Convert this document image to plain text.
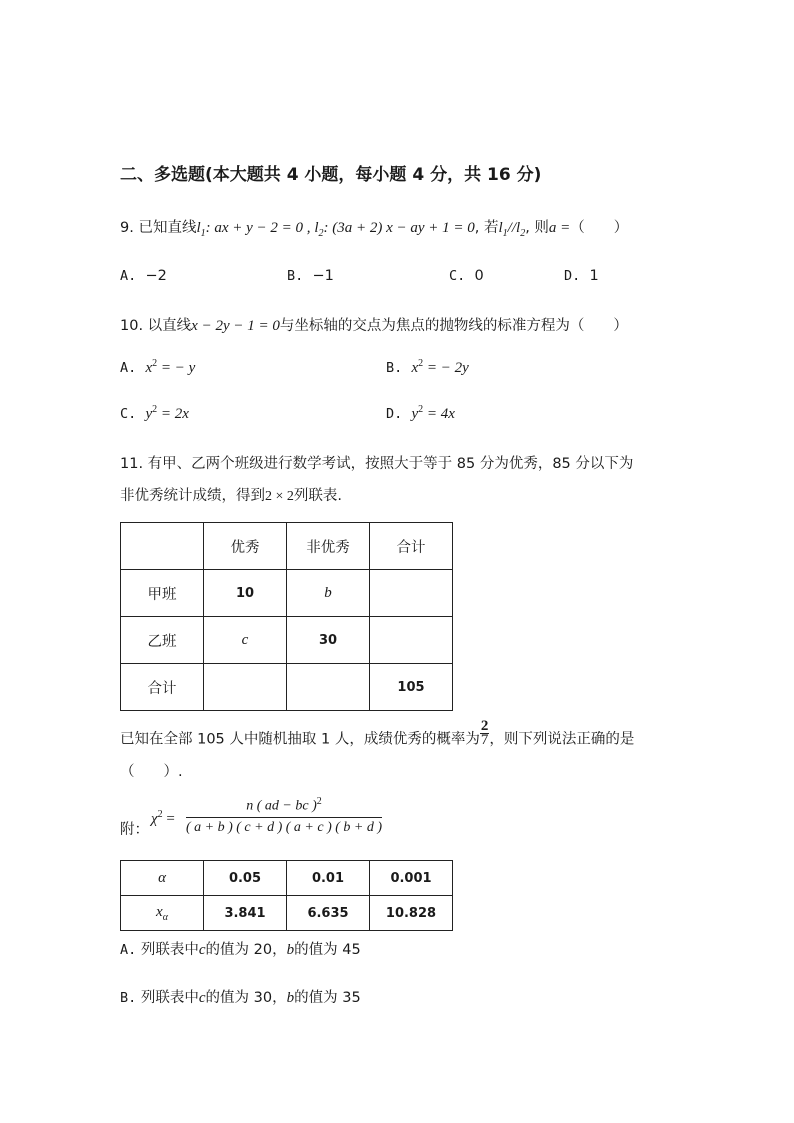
二、多选题(本大题共 4 小题，每小题 4 分，共 16 分)
9. 已知直线$l_1$: ax + y − 2 = 0 , $l_2$: (3a + 2) x − ay + 1 = 0, 若$l_1//l_2$, 则a =（　　）
A. −2	B. −1	C. 0	D. 1
10. 以直线x − 2y − 1 = 0与坐标轴的交点为焦点的抛物线的标准方程为（　　）
A. $x^2$ = − y	B. $x^2$ = − 2y
C. $y^2 = 2x$	D. $y^2 = 4x$
11. 有甲、乙两个班级进行数学考试，按照大于等于 85 分为优秀，85 分以下为
非优秀统计成绩，得到2 × 2列联表.
	优秀	非优秀	合计
甲班	10	b	
乙班	c	30	
合计			105
已知在全部 105 人中随机抽取 1 人，成绩优秀的概率为 $\frac{2}{7}$ ，则下列说法正确的是
（　　）.
附：
$\chi^2 = \frac{n ( ad - bc )^2}{( a + b ) ( c + d ) ( a + c ) ( b + d )}$
α	0.05	0.01	0.001
$x_\alpha$	3.841	6.635	10.828
A. 列联表中c的值为 20，b的值为 45
B. 列联表中c的值为 30，b的值为 35
